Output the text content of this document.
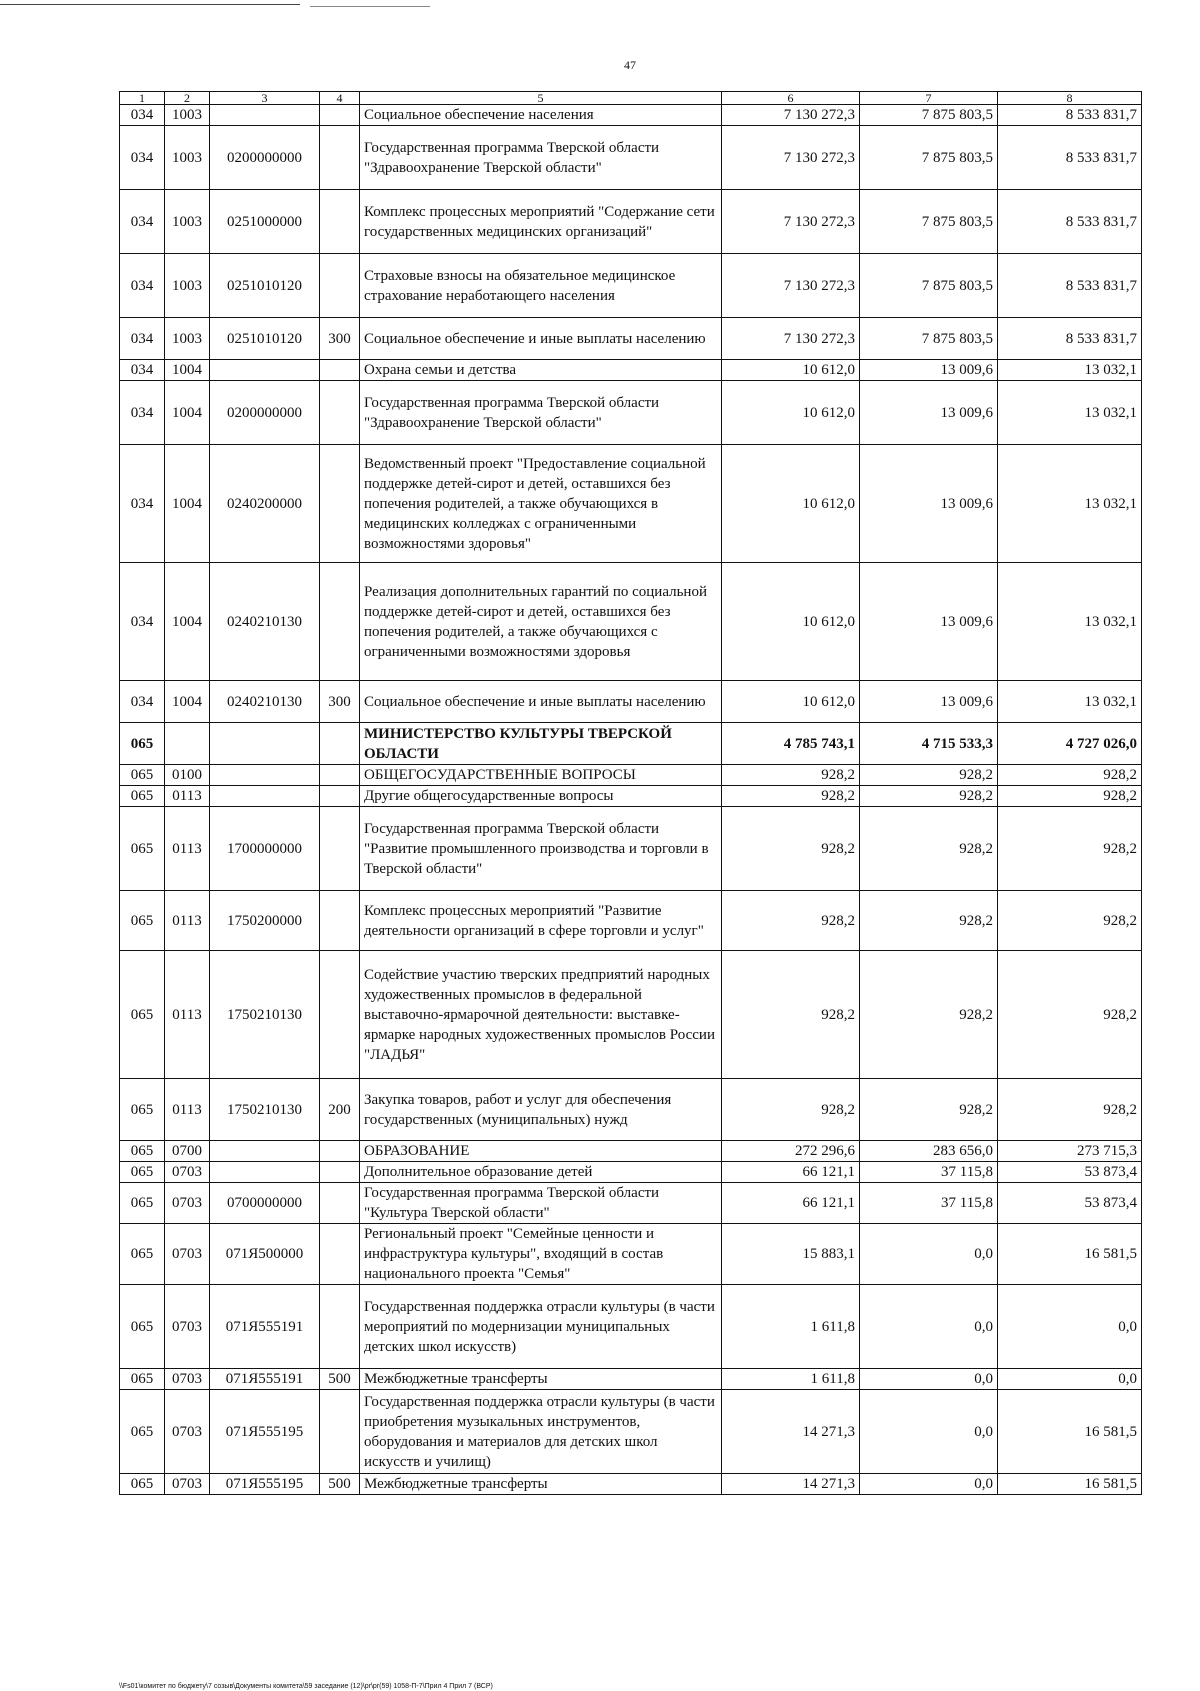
47
1	2	3	4	5	6	7	8
034	1003			Социальное обеспечение населения	7 130 272,3	7 875 803,5	8 533 831,7
034	1003	0200000000		Государственная программа Тверской области "Здравоохранение Тверской области"	7 130 272,3	7 875 803,5	8 533 831,7
034	1003	0251000000		Комплекс процессных мероприятий "Содержание сети государственных медицинских организаций"	7 130 272,3	7 875 803,5	8 533 831,7
034	1003	0251010120		Страховые взносы на обязательное медицинское страхование неработающего населения	7 130 272,3	7 875 803,5	8 533 831,7
034	1003	0251010120	300	Социальное обеспечение и иные выплаты населению	7 130 272,3	7 875 803,5	8 533 831,7
034	1004			Охрана семьи и детства	10 612,0	13 009,6	13 032,1
034	1004	0200000000		Государственная программа Тверской области "Здравоохранение Тверской области"	10 612,0	13 009,6	13 032,1
034	1004	0240200000		Ведомственный проект "Предоставление социальной поддержке детей-сирот и детей, оставшихся без попечения родителей, а также обучающихся в медицинских колледжах с ограниченными возможностями здоровья"	10 612,0	13 009,6	13 032,1
034	1004	0240210130		Реализация дополнительных гарантий по социальной поддержке детей-сирот и детей, оставшихся без попечения родителей, а также обучающихся с ограниченными возможностями здоровья	10 612,0	13 009,6	13 032,1
034	1004	0240210130	300	Социальное обеспечение и иные выплаты населению	10 612,0	13 009,6	13 032,1
065				МИНИСТЕРСТВО КУЛЬТУРЫ ТВЕРСКОЙ ОБЛАСТИ	4 785 743,1	4 715 533,3	4 727 026,0
065	0100			ОБЩЕГОСУДАРСТВЕННЫЕ ВОПРОСЫ	928,2	928,2	928,2
065	0113			Другие общегосударственные вопросы	928,2	928,2	928,2
065	0113	1700000000		Государственная программа Тверской области "Развитие промышленного производства и торговли в Тверской области"	928,2	928,2	928,2
065	0113	1750200000		Комплекс процессных мероприятий "Развитие деятельности организаций в сфере торговли и услуг"	928,2	928,2	928,2
065	0113	1750210130		Содействие участию тверских предприятий народных художественных промыслов в федеральной выставочно-ярмарочной деятельности: выставке-ярмарке народных художественных промыслов России "ЛАДЬЯ"	928,2	928,2	928,2
065	0113	1750210130	200	Закупка товаров, работ и услуг для обеспечения государственных (муниципальных) нужд	928,2	928,2	928,2
065	0700			ОБРАЗОВАНИЕ	272 296,6	283 656,0	273 715,3
065	0703			Дополнительное образование детей	66 121,1	37 115,8	53 873,4
065	0703	0700000000		Государственная программа Тверской области "Культура Тверской области"	66 121,1	37 115,8	53 873,4
065	0703	071Я500000		Региональный проект "Семейные ценности и инфраструктура культуры", входящий в состав национального проекта "Семья"	15 883,1	0,0	16 581,5
065	0703	071Я555191		Государственная поддержка отрасли культуры (в части мероприятий по модернизации муниципальных детских школ искусств)	1 611,8	0,0	0,0
065	0703	071Я555191	500	Межбюджетные трансферты	1 611,8	0,0	0,0
065	0703	071Я555195		Государственная поддержка отрасли культуры (в части приобретения музыкальных инструментов, оборудования и материалов для детских школ искусств и училищ)	14 271,3	0,0	16 581,5
065	0703	071Я555195	500	Межбюджетные трансферты	14 271,3	0,0	16 581,5
\\Fs01\комитет по бюджету\7 созыв\Документы комитета\59 заседание (12)\pr\pr(59) 1058-П-7\Прил 4 Прил 7 (ВСР)
